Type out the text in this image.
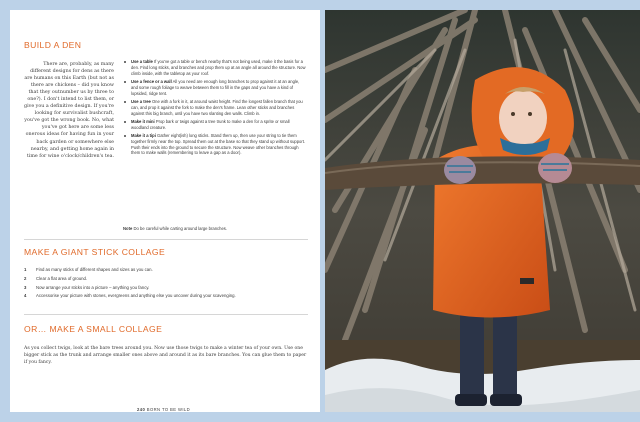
BUILD A DEN

There are, probably, as many different designs for dens as there are humans on this Earth (but not as there are chickens – did you know that they outnumber us by three to one?). I don't intend to list them, or give you a definitive design. If you're looking for survivalist bushcraft, you've got the wrong book. No, what you've got here are some less onerous ideas for having fun in your back garden or somewhere else nearby, and getting home again in time for wine o'clock/children's tea.

Use a table If you've got a table or bench nearby that's not being used, make it the basis for a den. Find long sticks, and branches and prop them up at an angle all around the structure. Now climb inside, with the tabletop as your roof.
Use a fence or a wall All you need are enough long branches to prop against it at an angle, and some rough foliage to weave between them to fill in the gaps and you have a kind of lopsided, ridge tent.
Use a tree One with a fork in it, at around waist height. Find the longest fallen branch that you can, and prop it against the fork to make the den's frame. Lean other sticks and branches against this big branch, until you have two slanting den walls. Climb in.
Make it mini Prop bark or twigs against a tree trunk to make a den for a sprite or small woodland creature.
Make it a tipi Gather eight(ish) long sticks. Stand them up, then use your string to tie them together firmly near the top. Spread them out at the base so that they stand up without support. Push their ends into the ground to secure the structure. Now weave other branches through them to make walls (remembering to leave a gap as a door).
Note Do be careful while carting around large branches.
MAKE A GIANT STICK COLLAGE
1 Find as many sticks of different shapes and sizes as you can.
2 Clear a flat area of ground.
3 Now arrange your sticks into a picture – anything you fancy.
4 Accessorise your picture with stones, evergreens and anything else you uncover during your scavenging.
OR… MAKE A SMALL COLLAGE

As you collect twigs, look at the bare trees around you. Now use those twigs to make a winter tea of your own. Use one bigger stick as the trunk and arrange smaller ones above and around it as its bare branches. You can glue them to paper if you fancy.

240 BORN TO BE WILD
